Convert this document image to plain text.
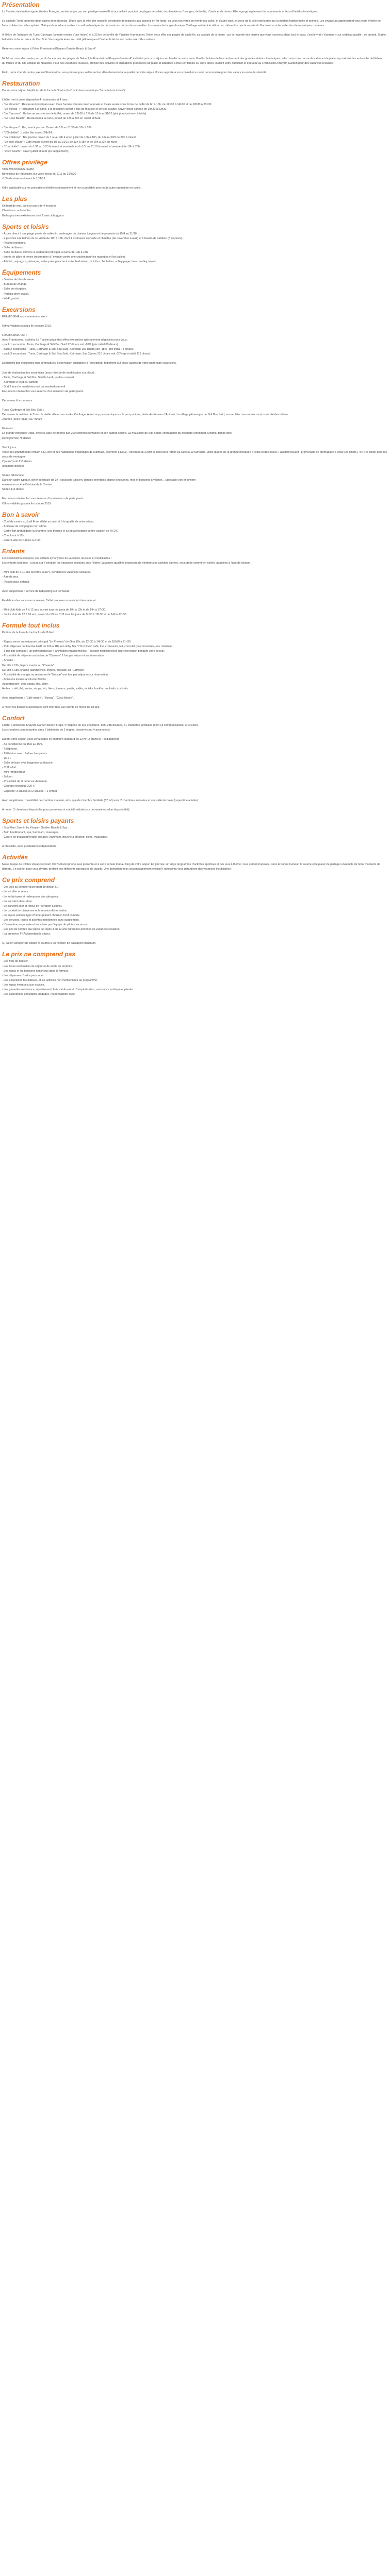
Présentation

La Tunisie, destination appréciée des Français, se démarque par son prestige ensoleillé et accueillant ponctué de plages de sable, de plantations d'oranges, de forêts, d'oasis et de dunes. Elle regorge également de monuments et lieux d'intérêts touristiques.

La capitale Tunis présente deux cadres bien distincts. D'une part, la ville dite nouvelle constituée de maisons aux balcons en fer forgé, ou vous trouverez de nombreux cafés, et d'autre part, le coeur de la ville représenté par la médina traditionnelle et animée. Les voyageurs apprécieront vous vous éveiller de l'atmosphère de cette capitale d'Afrique du nord aux ruelles. La soif authentique de découvrir au détour de ses ruelles. Les ruines de la symphonique Carthage méritent le détour, au même titre que le musée du Bardo et sa riche collection de mosaïques romaines.

A 80 km de l'aéroport de Tunis-Carthage (compter moins d'une heure) et à 23 km de la ville de Yasmine Hammamet, l'hôtel vous offre ses plages de sable fin, sa capitale de la pierre ; sur la majorité des pierres que vous trouverez dans tout le pays, c'est le vrai « Yasmine » sur certificat qualité - de produit. Station balnéaire riche au cœur du Cap Bon. Vous apprécierez son côté pittoresque et l'authenticité de son cadre aux mille couleurs.

Réservez votre séjour à l'hôtel Framissima Khayam Garden Beach & Spa 4*.

Niché au cœur d'un vaste parc jardin face à une des plages de Nabeul, le Framissima Khayam Garden 4* est idéal pour vos séjours en famille ou entre amis. Profitez le bien de l'encombrement des grandes stations touristiques, offrez-vous une pause de calme et de plaisir à proximité du centre-ville de Nabeul, du Musée et du site antique de Néapolis. Pour des vacances réussies, profitez des activités et animations proposées sur place et adaptées à tous (en famille ou entre amis), oubliez votre quotidien et épousez au Framissima Khayam Garden pour des vacances réussies !

Enfin, notre chef de centre, exclusif Framissima, sera présent pour veiller au bon déroulement et à la qualité de votre séjour. Il vous apportera son conseil et un suivi personnalisé pour des vacances en toute sérénité.

Restauration

Durant votre séjour, bénéficiez de la formule "tout inclus" (voir dans la rubrique "formule tout inclus").

L'hôtel met à votre disposition 4 restaurants et 4 bars :
- "Le Phoenix" : Restaurant principal ouvert toute l'année. Cuisine internationale et locale servie sous forme de buffet de 6h à 10h, de 12h30 à 14h30 et de 18h30 à 21h30.
- "Le Bonsai" : Restaurant à la carte, à la réception ouvert 5 fois de mousse et service à table. Ouvert toute l'année de 19h30 à 22h30.
- "Le Carrosse" : Barbecue sous forme de buffet, ouvert de 12h30 à 15h de 15 h au 31/10 (plat principal servi à table).
- "Le Coco Beach" : Restaurant à la carte, ouvert de 12h à 20h en Juillet et Août.

- "Le Khayam" : Bar, snack piscine. Ouvert de 1/5 au 31/10 de 10h à 18h.
- "L'Orchidée" : Lobby Bar ouvert 24h/24.
- "La Rotatrice" : Bar piscine ouvert du 1 /4 au 31/ 4 et en juillet de 10h à 18h, du 1/6 au 30/9 de 20h à minuit.
- "Le café Maure" : Café maure ouvert du 1/5 au 31/10 de 13h à 15h et de 20h à 23h en hiver.
- "L'orchidée" : ouvert du 1/11 au 31/3 le mardi et vendredi, et du 1/5 au 31/10 le mardi et vendredi de 18h à 20h.
- "Coco beach" : ouvert juillet et août (en supplément).

Offres privilège

VOS AVANTAGES FRAM
Bénéficiez de réductions sur votre séjour du 1/11 au 31/3/20 :
-15% de réservant avant le 1/11/19

Offre applicable sur les prestations hôtelières uniquement et non cumulable avec toute autre promotion en cours.

Les plus

En bord de mer, dans un parc de 4 hectares
Chambres confortables
Belles piscines extérieures dont 1 avec toboggans

Sports et loisirs

- Accès direct à une plage privée de sable fin, aménagée de chaises longues et de parasols du 15/4 au 31/10.
- 2 piscines à la balnéo de sa vieille de 10h à 18h, dont 1 extérieure couverte et chauffée (de novembre à avril) et 1 bassin de natation (3 piscines)...
- Piscine intérieure.
- Salle de fitness.
- Salle de danse dérrière le restaurant principal, ouverte de 12h à 18h.
- tennis de table et tennis (réservation à l'avance contre une caution pour les raquettes et les balles).
- Aérobic, aquagym, pétanque, water-polo, planche à voile, badminton, tir à l'arc, fléchettes, volley-plage, beach-volley, kayak.

Équipements

- Service de blanchisserie.
- Bureau de change.
- Salle de réception.
- Parking privé gratuit.
- Wi-Fi gratuit.

Excursions

FRAMISSIMA vous emmène « loin »

Offres valables jusqu'à fin octobre 2019.

FRAMISSIMA Tour :
Avec Framissima, explorez La Tunisie grâce des offres exclusives spécialement négociées pour vous :
- pack 1 excursion : Tunis, Carthage & Sidi Bou Saïd 97 dinars soit -10% (prix initial 60 dinars).
- pack 2 excursions : Tunis, Carthage & Sidi Bou Saïd, Kairouan 156 dinars soit -15% (prix initial 78 dinars).
- pack 3 excursions : Tunis, Carthage & Sidi Bou Saïd, Kairouan, Sud 2 jours 210 dinars soit -20% (prix initial 119 dinars).

Descriptifs des excursions non-contractuels. Réservation obligatoire à l'inscription, réglement sur place auprès de votre partenaire excursions.

Jour de réalisation des excursions (sous réserve de modification sur place) :
- Tunis, Carthage & Sidi Bou Saïd le lundi, jeudi ou samedi
- Kairouan le jeudi ou samedi
- Sud 2 jours le mardi/mercredi ou vendredi/samedi
Excursions réalisables sous réserve d'un minimum de participants.

Découvrez & excursions

Tunis, Carthage et Sidi Bou Saïd :
Découvrez la médina de Tunis, la vieille ville et ses souks. Carthage, Acroh sup panoramique sur le port punique, visite des termes d'Antonin. Le village pittoresque de Sidi Bou Saïd, son architecture andalouse et son café des délices.
Journée (avec repas) 107 dinars

Kairouan :
La grande mosquée Okba, avec sa salle de prières aux 200 colonnes romaines et son cadran solaire. La mausolée de Sidi Sahbi, compagnon du prophète Mohamed, Médina, temps libre.
Demi journée 76 dinars

Sud 2 jours :
Visite de l'amphithéâtre romain à El Jem et des habitations troglodytes de Matmata, logement à Douz. Traversée du Chott el Jerid pour retour via Sufetla, à Kairouan : visite guidée de la grande mosquée d'Okba et des souks. Facultatif payant : promenade en dromadaire à Douz (25 dinars), 4x4 (45 dinar) pour les oasis de montagne.
2 jours/1 nuit 215 dinars
(chambre double)

Soirée fabriscope :
Dans un cadre typique, dîner spectacle de 3h : couscous tunisien, danses orientales, danse bédouines, rites et boissons à volonté... Spectacle son et lumière
evoluant en scène l'histoire de la Tunisie.
Soirée 114 dinars

Excursions réalisables sous réserve d'un minimum de participants.
Offres valables jusqu'à fin octobre 2019.

Bon à savoir

- Chef de centre exclusif Fram dédié au suivi et à la qualité de votre séjour.
- Animaux de compagnie non admis.
- Coffre-fort gratuit dans la chambre, une trousse le lui et la réception contre caution de 70 DT.
- Check out à 12h.
- Centre-ville de Nabeul à 2 km.

Enfants

Les Framissima sont pour vos enfants synonymes de vacances réussies et inoubliables !
Les enfants sont rois : à jours sur 7 pendant les vacances scolaires, nos Pilotes (vacances qualifiés proposent de nombreuses activités variées, en journée comme en soirée, adaptées à l'âge de chacun.

- Mini-club de 4-11 ans ouvert 6 jours/7, pendant les vacances scolaires.
- Aire de jeux.
- Piscine pour enfants.

Avec supplément : service de babysitting sur demande.

En dehors des vacances scolaires, l'hôtel propose un mini-club international :

- Mini-club Kids de 4 à 12 ans, ouvert tous les jours de 10h à 12h et de 14h à 17h30.
- Junior club de 12 à 16 ans, ouvert du 1/7 au 31/8 tous les jours de 9h30 à 12h30 et de 14h à 17h30.

Formule tout inclus

Profitez de la formule tout inclus de l'hôtel :

- Repas servis au restaurant principal "Le Phoenix" de 6h à 10h, de 12h30 à 14h30 et de 18h30 à 21h30.
- Petit déjeuner continental tardif de 10h à 11h au Lobby Bar "L'Orchidée" café, thé, croissants, lait, chocolat (ou concentrés, eau minérale).
- 1 fois par semaine : un buffet barbecue + animations traditionnelles + boisson traditionnelles (sur réservation pendant votre séjour).
- Possibilité de déjeuner au barbecue "Carosse" 1 fois par séjour et sur réservation.
- Snacks :
De 12h à 15h, légers snacks au "Phoenix".
De 15h à 18h, snacks (sandwiches, crêpes, friscuits) au "Carrosse"
- Possibilité de manger au restaurant le "Bonsaï" une fois par séjour et sur réservation.
- Boissons locales à volonté 24h/24 :
Au restaurant : eau, sodas, thé, bière.
Au bar : café, thé, sodas, sirops, vin, bière, liqueurs, pastis, vodka, whisky, boukha, cocktails, cocktails

Avec supplément : "Café maure", "Bonsaï", "Coco Beach".

A noter: les boissons alcoolisées sont interdites aux clients de moins de 18 ans.

Confort

L'hôtel Framissima Khayam Garden Beach & Spa 4* dispose de 361 chambres, dont 288 doubles, 51 chambres familiales (dont 13 communicantes) et 3 suites.
Les chambres sont réparties dans 3 bâtiments de 2 étages, desservis par 4 ascenseurs.

Durant votre séjour, vous serez logés en chambre standard de 23 m², 2 grand lit + lit d'appoint).
- Air conditionné du 15/6 au 15/9.
- Téléphone.
- Télévision avec chaînes françaises.
- Wi-Fi.
- Salle de bain avec baignoire ou douche.
- Coffre-fort.
- Mini-réfrigérateur.
- Balcon.
- Possibilité de lit bébé sur demande.
- Courant électrique 220 V.
- Capacité: 3 adultes ou 2 adultes + 1 enfant.

Avec supplément : possibilité de chambre vue mer, ainsi que de chambre familiale (32 m²) avec 2 chambres séparées et une salle de bains (capacité 4 adultes).

À noter : 2 chambres disponibles pour personnes à mobilité réduite (sur demande et selon disponibilité).

Sports et loisirs payants

- Spa Fleur Jasmin by Khayam Garden Beach & Spa :
- Bain bouillonnant, spa, hammam, massages.
- Centre de thalassothérapie (soupes, hammam, douche à affusion, soins, massages)

A proximité, avec prestataires indépendants :

Activités

Notre équipe de Pilotes Vacances Fram 100 % francophone sera présente et à votre écoute tout au long de votre séjour. En journée, un large programme d'activités sportives et des jeux à thème, vous seront proposés. Dans la bonne humeur, la sourire et le plaisir de partager ensemble de bons moments de détente. En soirée, pour vous divertir, profitez des différents spectacles de qualité. Une animation et un accompagnement exclusif Framissima vous garantiront des vacances inoubliables !

Ce prix comprend

- Les vols au compter d'aéroport de départ (1).
- Le vol aller et retour.
- Le forfait taxes et redevances des aéroports.
- Le transfert aller-retour.
- Le transfert aller et retour de l'aéroport à l'hôtel.
- Le cocktail de bienvenue et la réunion d'information.
- Le séjour selon le type d'hébergement choisi en fond compris.
- Les services, loisirs et activités mentionnés sans supplément.
- L'animation en journée et en soirée par l'équipe de pilotes vacances.
- Les prix de l'entrée aux parcs de repos 4 en 12 ans durant les périodes de vacances scolaires.
- La présence FRAM pendant le séjour.

(1) Selon aéroport de départ et soumis à un nombre de passagers minimum.

Le prix ne comprend pas

- Les frais de dossier.
- Les taxes éventuelles de séjour et de sortie de territoire.
- Les repas et les boissons non inclus dans la formule.
- Les dépenses d'ordre personnel.
- Les excursions facultatives, et les activités non mentionnées au programme.
- Les repas éventuels aux escales.
- Les garanties assistance, rapatriement, frais médicaux et d'hospitalisation, assistance juridique et pénale.
- Les assurances annulation, bagages, responsabilité civile.
